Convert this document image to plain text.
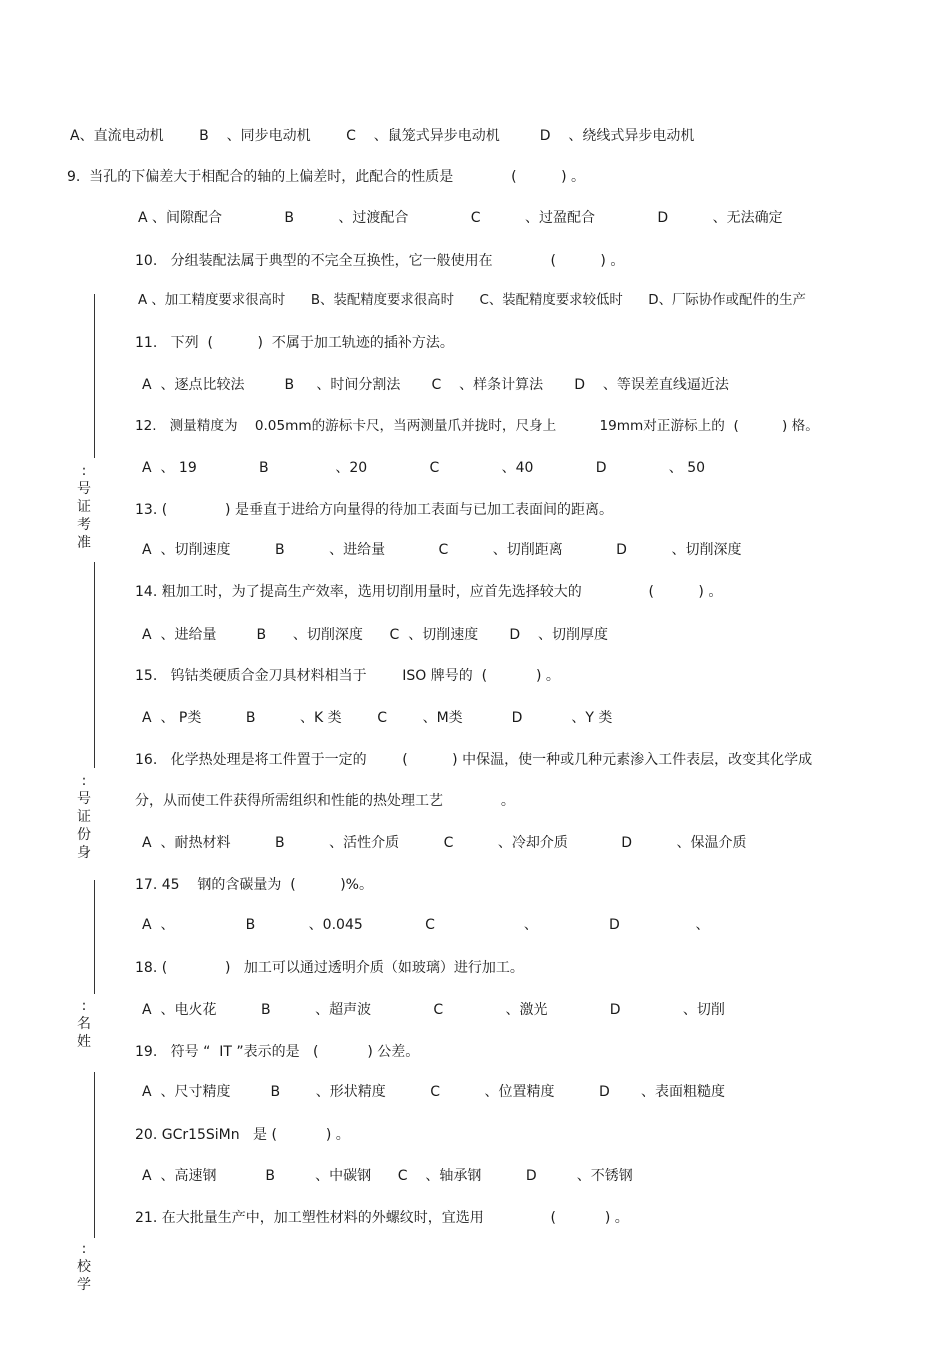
:号证考准
:号证份身
:名姓
:校学
A、直流电动机        B    、同步电动机        C    、鼠笼式异步电动机         D    、绕线式异步电动机
9.  当孔的下偏差大于相配合的轴的上偏差时，此配合的性质是             (          ) 。
A 、间隙配合              B          、过渡配合              C          、过盈配合              D          、无法确定
10.   分组装配法属于典型的不完全互换性，它一般使用在             (          ) 。
A 、加工精度要求很高时      B、装配精度要求很高时      C、装配精度要求较低时      D、厂际协作或配件的生产
11.   下列  (          )  不属于加工轨迹的插补方法。
A  、逐点比较法         B     、时间分割法       C    、样条计算法       D    、等误差直线逼近法
12.   测量精度为    0.05mm的游标卡尺，当两测量爪并拢时，尺身上          19mm对正游标上的  (          ) 格。
A  、 19              B               、20              C              、40              D              、 50
13. (             ) 是垂直于进给方向量得的待加工表面与已加工表面间的距离。
A  、切削速度          B          、进给量            C          、切削距离            D          、切削深度
14. 粗加工时，为了提高生产效率，选用切削用量时，应首先选择较大的               (          ) 。
A  、进给量         B      、切削深度      C  、切削速度       D    、切削厚度
15.   钨钴类硬质合金刀具材料相当于        ISO 牌号的  (           ) 。
A  、 P类          B          、K 类        C        、M类           D           、Y 类
16.   化学热处理是将工件置于一定的        (          ) 中保温，使一种或几种元素渗入工件表层，改变其化学成
分，从而使工件获得所需组织和性能的热处理工艺             。
A  、耐热材料          B          、活性介质          C          、冷却介质            D          、保温介质
17. 45    钢的含碳量为  (          )%。
A  、                B            、0.045              C                    、                D                 、
18. (             )   加工可以通过透明介质（如玻璃）进行加工。
A  、电火花          B          、超声波              C              、激光              D              、切削
19.   符号 “  IT ”表示的是   (           ) 公差。
A  、尺寸精度         B        、形状精度          C          、位置精度          D       、表面粗糙度
20. GCr15SiMn   是 (           ) 。
A  、高速钢           B         、中碳钢      C    、轴承钢          D         、不锈钢
21. 在大批量生产中，加工塑性材料的外螺纹时，宜选用               (           ) 。
